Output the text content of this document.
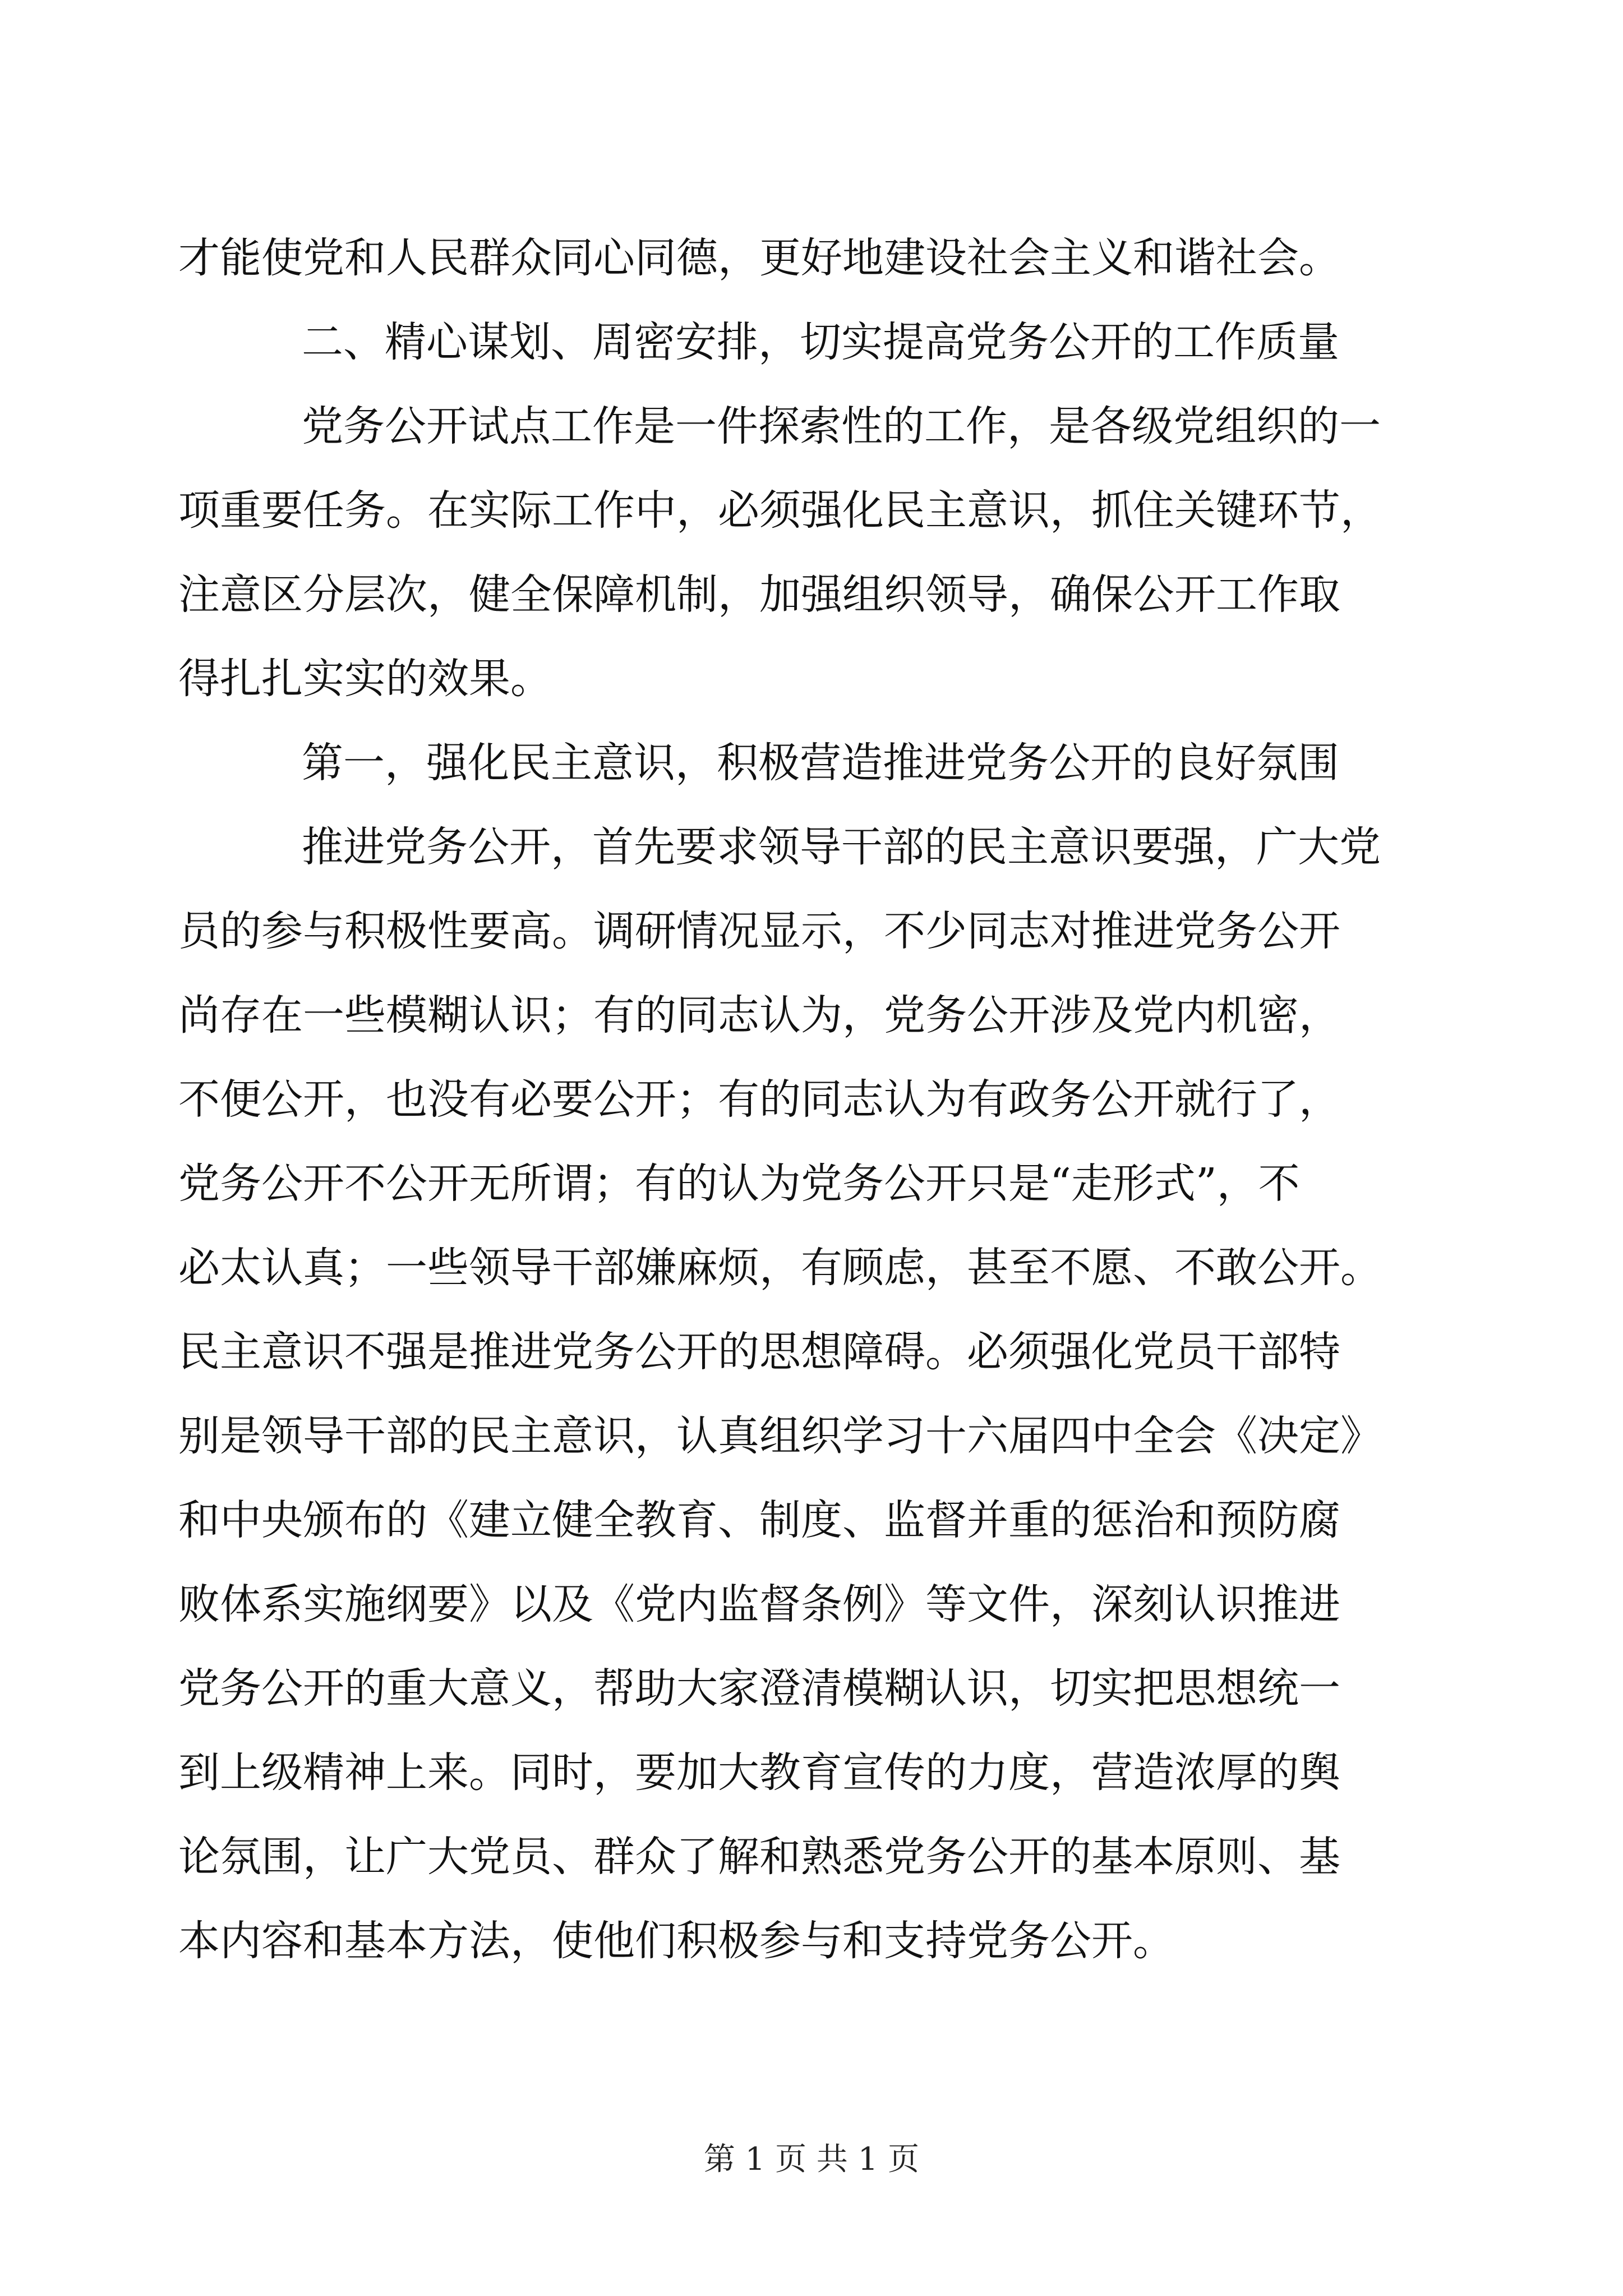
才能使党和人民群众同心同德，更好地建设社会主义和谐社会。
二、精心谋划、周密安排，切实提高党务公开的工作质量
党务公开试点工作是一件探索性的工作，是各级党组织的一
项重要任务。在实际工作中，必须强化民主意识，抓住关键环节，
注意区分层次，健全保障机制，加强组织领导，确保公开工作取
得扎扎实实的效果。
第一，强化民主意识，积极营造推进党务公开的良好氛围
推进党务公开，首先要求领导干部的民主意识要强，广大党
员的参与积极性要高。调研情况显示，不少同志对推进党务公开
尚存在一些模糊认识；有的同志认为，党务公开涉及党内机密，
不便公开，也没有必要公开；有的同志认为有政务公开就行了，
党务公开不公开无所谓；有的认为党务公开只是“走形式”，不
必太认真；一些领导干部嫌麻烦，有顾虑，甚至不愿、不敢公开。
民主意识不强是推进党务公开的思想障碍。必须强化党员干部特
别是领导干部的民主意识，认真组织学习十六届四中全会《决定》
和中央颁布的《建立健全教育、制度、监督并重的惩治和预防腐
败体系实施纲要》以及《党内监督条例》等文件，深刻认识推进
党务公开的重大意义，帮助大家澄清模糊认识，切实把思想统一
到上级精神上来。同时，要加大教育宣传的力度，营造浓厚的舆
论氛围，让广大党员、群众了解和熟悉党务公开的基本原则、基
本内容和基本方法，使他们积极参与和支持党务公开。
第 1 页 共 1 页
